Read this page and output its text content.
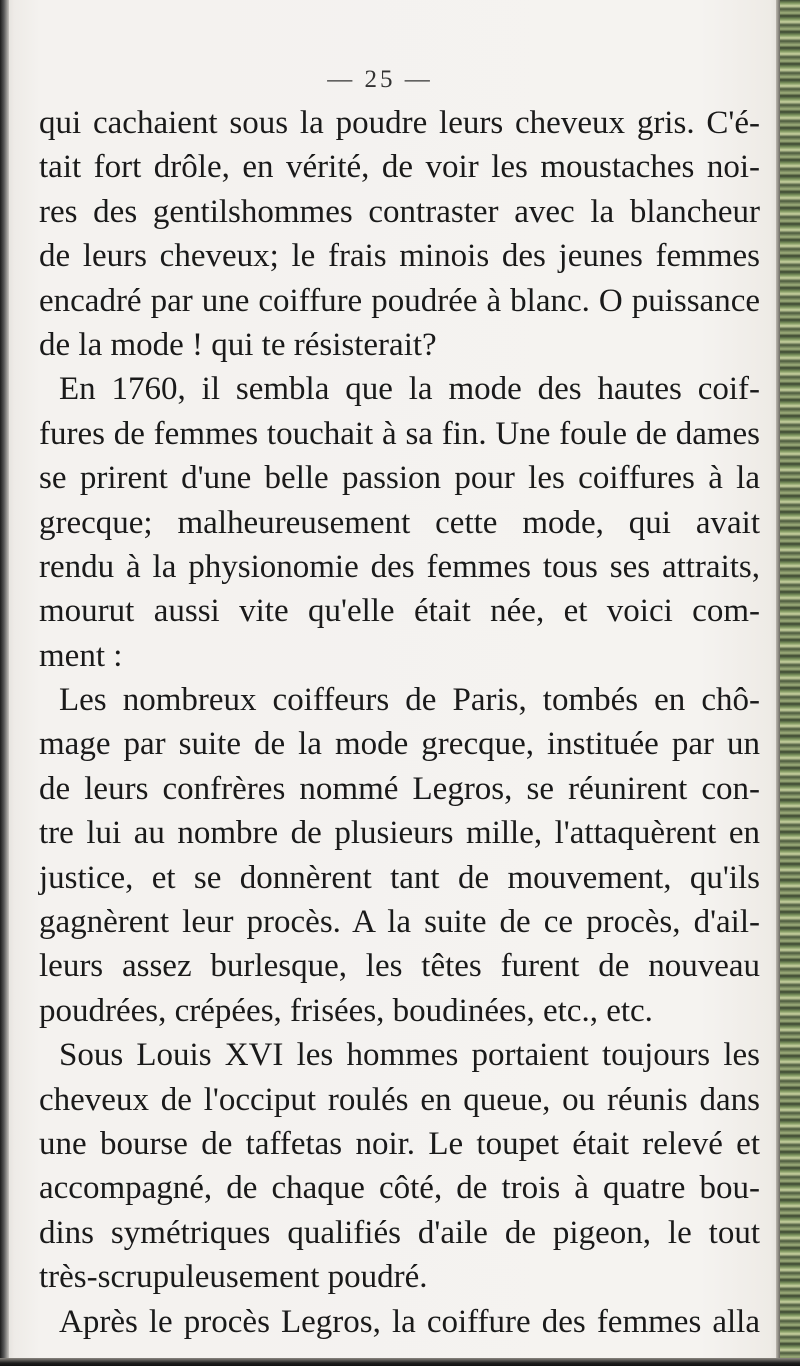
— 25 —
qui cachaient sous la poudre leurs cheveux gris. C'é-
tait fort drôle, en vérité, de voir les moustaches noi-
res des gentilshommes contraster avec la blancheur
de leurs cheveux; le frais minois des jeunes femmes
encadré par une coiffure poudrée à blanc. O puissance
de la mode ! qui te résisterait?
En 1760, il sembla que la mode des hautes coif-
fures de femmes touchait à sa fin. Une foule de dames
se prirent d'une belle passion pour les coiffures à la
grecque; malheureusement cette mode, qui avait
rendu à la physionomie des femmes tous ses attraits,
mourut aussi vite qu'elle était née, et voici com-
ment :
Les nombreux coiffeurs de Paris, tombés en chô-
mage par suite de la mode grecque, instituée par un
de leurs confrères nommé Legros, se réunirent con-
tre lui au nombre de plusieurs mille, l'attaquèrent en
justice, et se donnèrent tant de mouvement, qu'ils
gagnèrent leur procès. A la suite de ce procès, d'ail-
leurs assez burlesque, les têtes furent de nouveau
poudrées, crépées, frisées, boudinées, etc., etc.
Sous Louis XVI les hommes portaient toujours les
cheveux de l'occiput roulés en queue, ou réunis dans
une bourse de taffetas noir. Le toupet était relevé et
accompagné, de chaque côté, de trois à quatre bou-
dins symétriques qualifiés d'aile de pigeon, le tout
très-scrupuleusement poudré.
Après le procès Legros, la coiffure des femmes alla
